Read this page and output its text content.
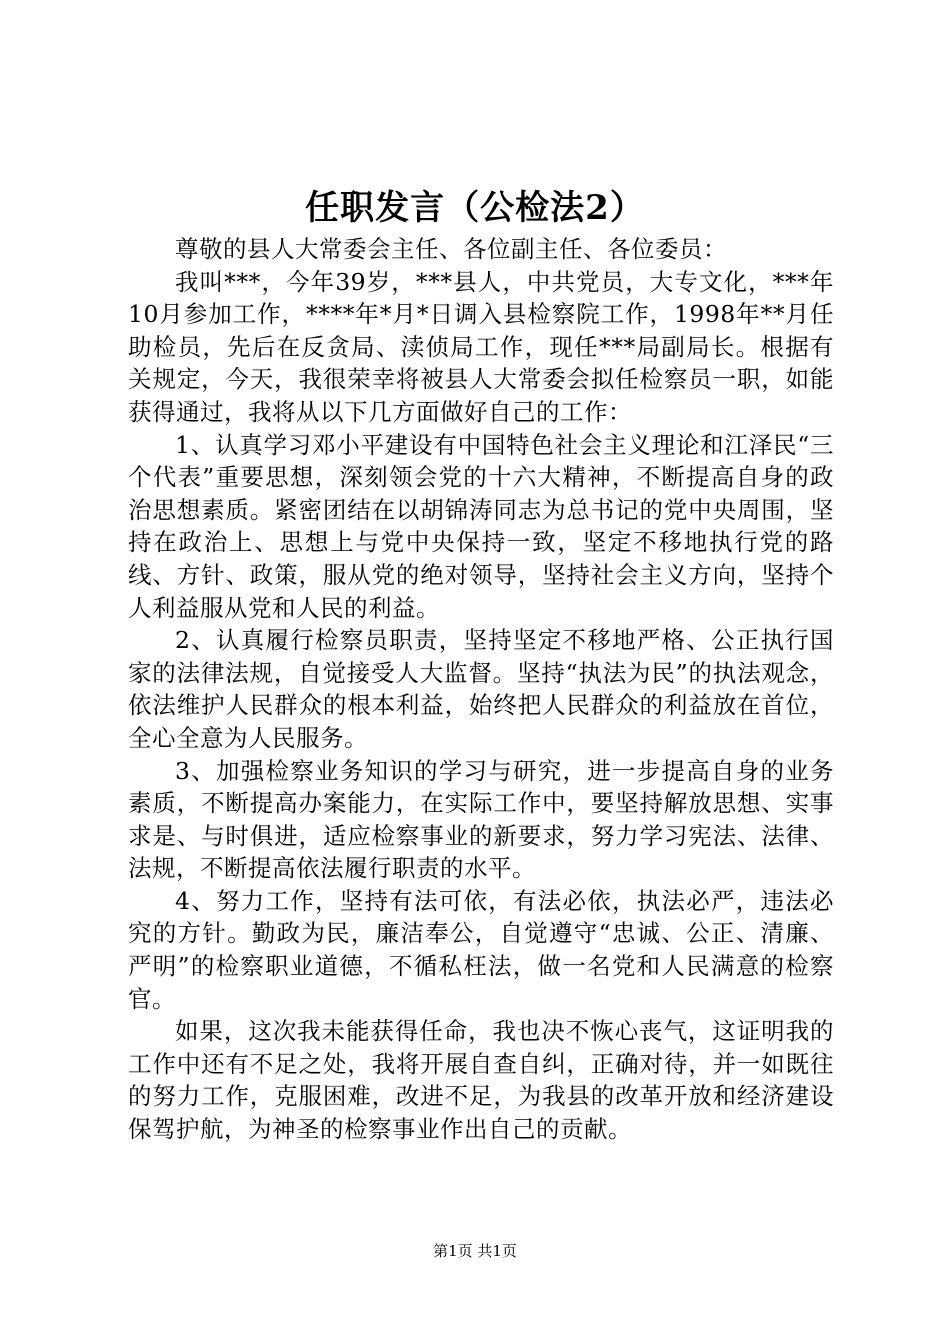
任职发言（公检法2）

尊敬的县人大常委会主任、各位副主任、各位委员：

我叫***，今年39岁，***县人，中共党员，大专文化，***年10月参加工作，****年*月*日调入县检察院工作，1998年**月任助检员，先后在反贪局、渎侦局工作，现任***局副局长。根据有关规定，今天，我很荣幸将被县人大常委会拟任检察员一职，如能获得通过，我将从以下几方面做好自己的工作：

1、认真学习邓小平建设有中国特色社会主义理论和江泽民“三个代表”重要思想，深刻领会党的十六大精神，不断提高自身的政治思想素质。紧密团结在以胡锦涛同志为总书记的党中央周围，坚持在政治上、思想上与党中央保持一致，坚定不移地执行党的路线、方针、政策，服从党的绝对领导，坚持社会主义方向，坚持个人利益服从党和人民的利益。

2、认真履行检察员职责，坚持坚定不移地严格、公正执行国家的法律法规，自觉接受人大监督。坚持“执法为民”的执法观念，依法维护人民群众的根本利益，始终把人民群众的利益放在首位，全心全意为人民服务。

3、加强检察业务知识的学习与研究，进一步提高自身的业务素质，不断提高办案能力，在实际工作中，要坚持解放思想、实事求是、与时俱进，适应检察事业的新要求，努力学习宪法、法律、法规，不断提高依法履行职责的水平。

4、努力工作，坚持有法可依，有法必依，执法必严，违法必究的方针。勤政为民，廉洁奉公，自觉遵守“忠诚、公正、清廉、严明”的检察职业道德，不循私枉法，做一名党和人民满意的检察官。

如果，这次我未能获得任命，我也决不恢心丧气，这证明我的工作中还有不足之处，我将开展自查自纠，正确对待，并一如既往的努力工作，克服困难，改进不足，为我县的改革开放和经济建设保驾护航，为神圣的检察事业作出自己的贡献。

第1页 共1页
